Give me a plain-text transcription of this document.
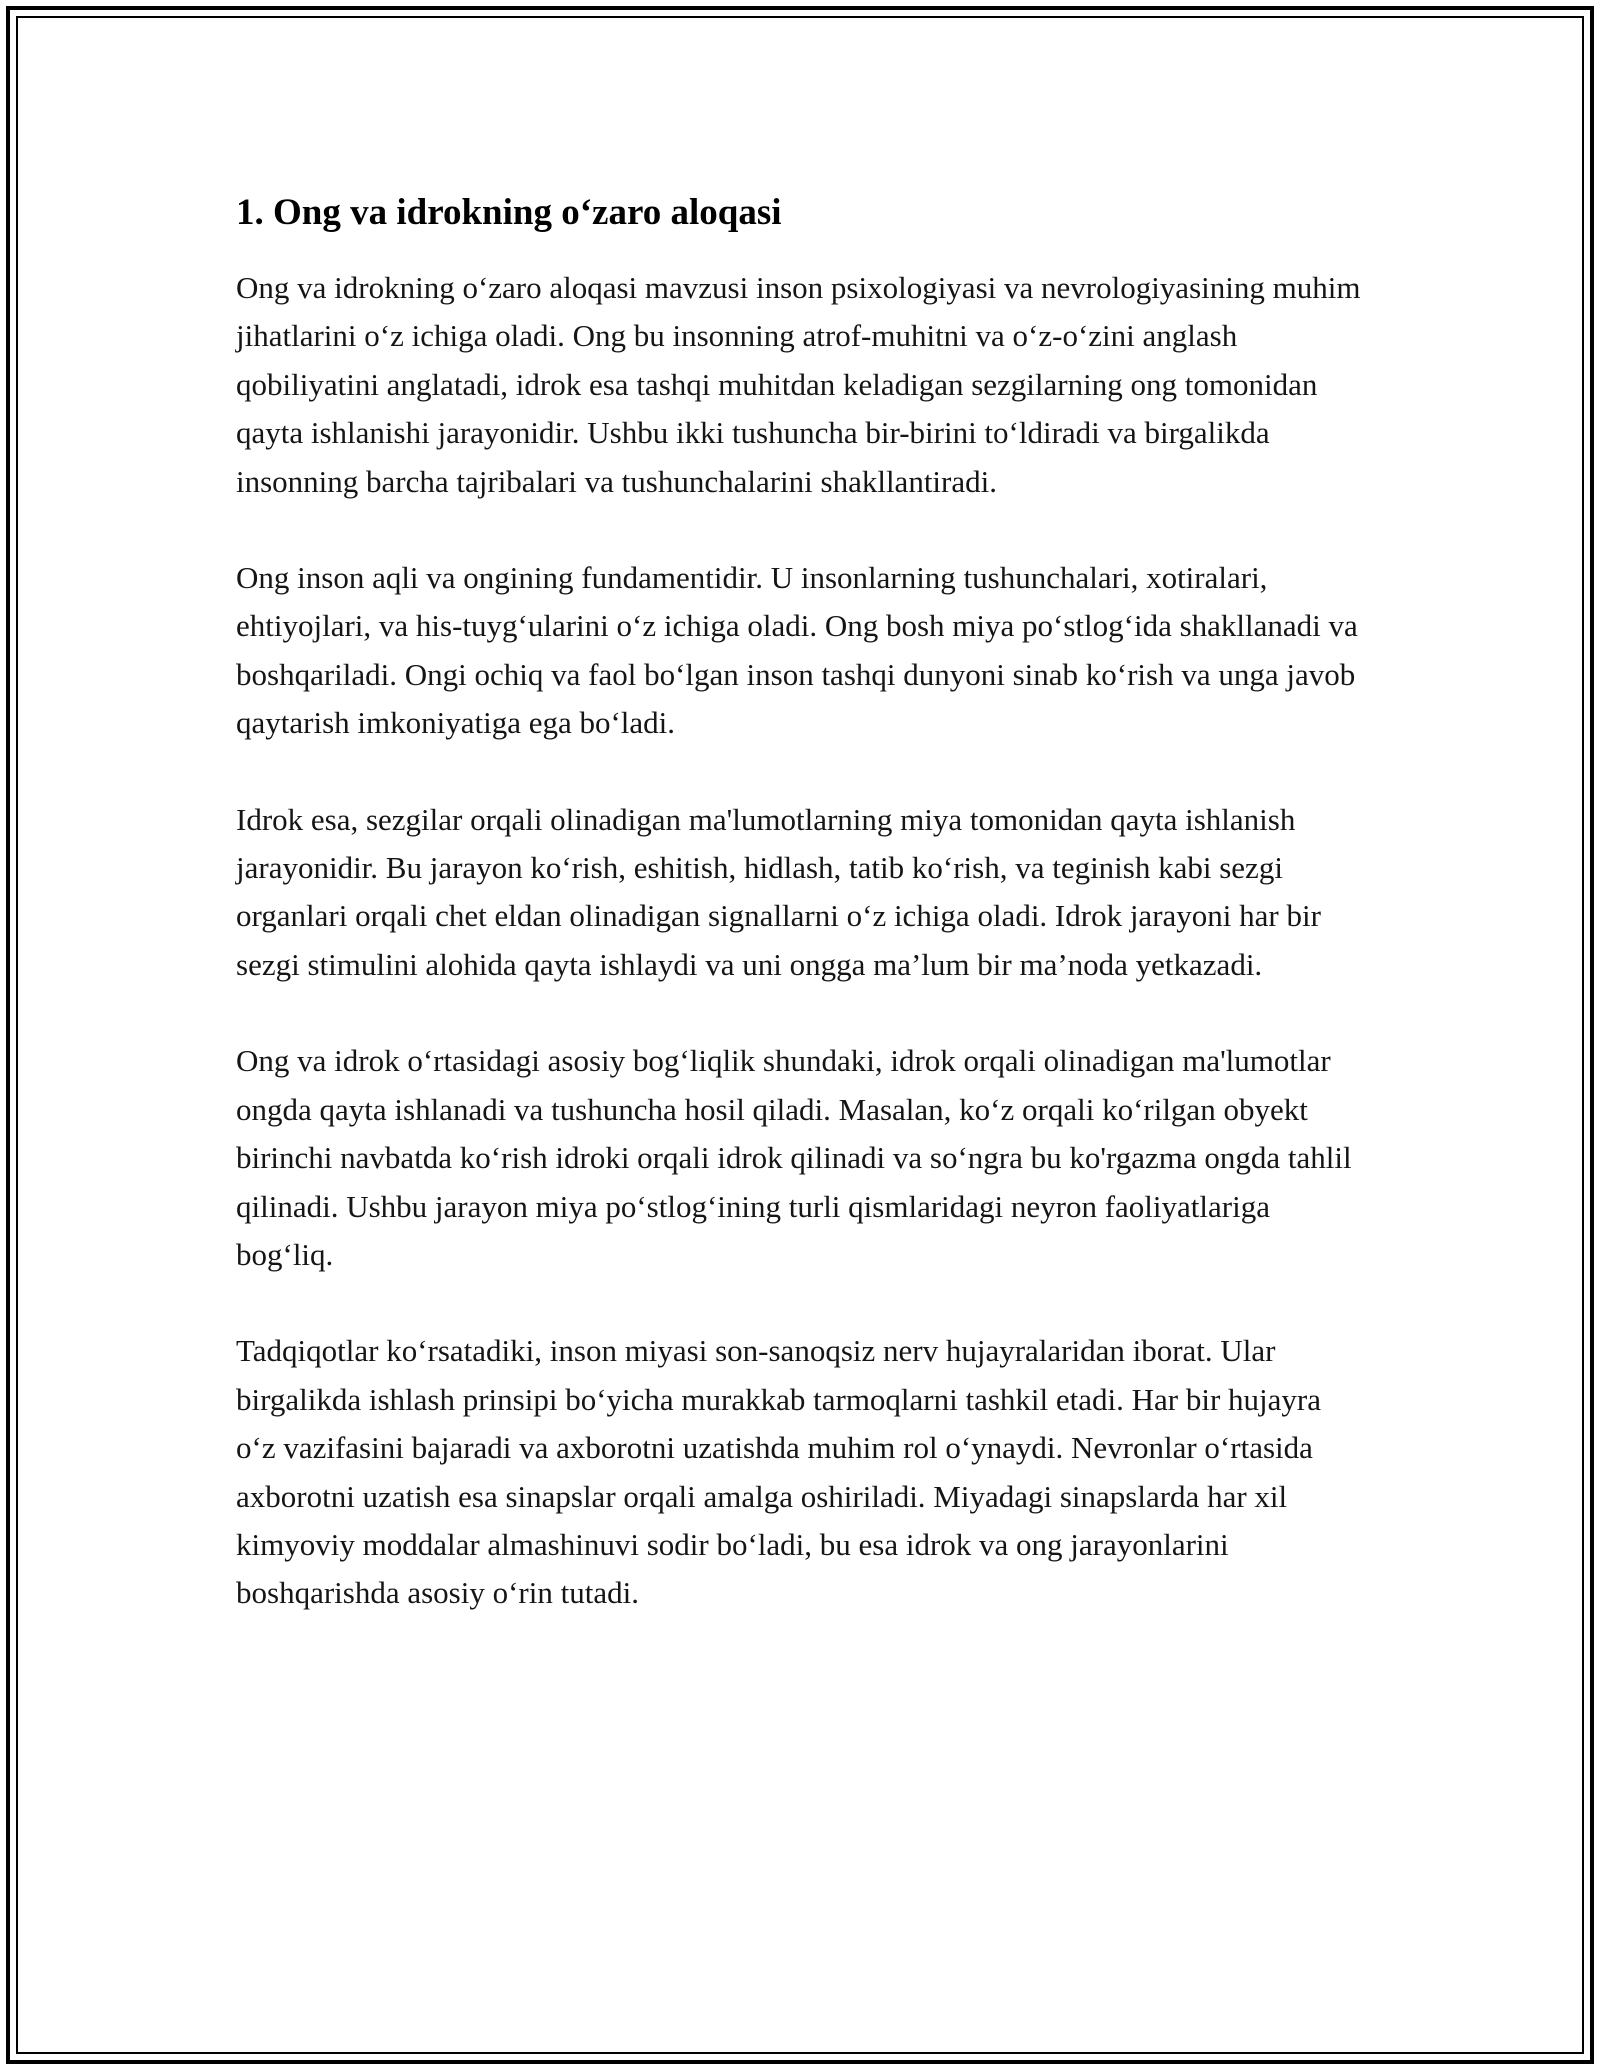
1. Ong va idrokning o‘zaro aloqasi

Ong va idrokning o‘zaro aloqasi mavzusi inson psixologiyasi va nevrologiyasining muhim jihatlarini o‘z ichiga oladi. Ong bu insonning atrof-muhitni va o‘z-o‘zini anglash qobiliyatini anglatadi, idrok esa tashqi muhitdan keladigan sezgilarning ong tomonidan qayta ishlanishi jarayonidir. Ushbu ikki tushuncha bir-birini to‘ldiradi va birgalikda insonning barcha tajribalari va tushunchalarini shakllantiradi.

Ong inson aqli va ongining fundamentidir. U insonlarning tushunchalari, xotiralari, ehtiyojlari, va his-tuyg‘ularini o‘z ichiga oladi. Ong bosh miya po‘stlog‘ida shakllanadi va boshqariladi. Ongi ochiq va faol bo‘lgan inson tashqi dunyoni sinab ko‘rish va unga javob qaytarish imkoniyatiga ega bo‘ladi.

Idrok esa, sezgilar orqali olinadigan ma'lumotlarning miya tomonidan qayta ishlanish jarayonidir. Bu jarayon ko‘rish, eshitish, hidlash, tatib ko‘rish, va teginish kabi sezgi organlari orqali chet eldan olinadigan signallarni o‘z ichiga oladi. Idrok jarayoni har bir sezgi stimulini alohida qayta ishlaydi va uni ongga ma’lum bir ma’noda yetkazadi.

Ong va idrok o‘rtasidagi asosiy bog‘liqlik shundaki, idrok orqali olinadigan ma'lumotlar ongda qayta ishlanadi va tushuncha hosil qiladi. Masalan, ko‘z orqali ko‘rilgan obyekt birinchi navbatda ko‘rish idroki orqali idrok qilinadi va so‘ngra bu ko'rgazma ongda tahlil qilinadi. Ushbu jarayon miya po‘stlog‘ining turli qismlaridagi neyron faoliyatlariga bog‘liq.

Tadqiqotlar ko‘rsatadiki, inson miyasi son-sanoqsiz nerv hujayralaridan iborat. Ular birgalikda ishlash prinsipi bo‘yicha murakkab tarmoqlarni tashkil etadi. Har bir hujayra o‘z vazifasini bajaradi va axborotni uzatishda muhim rol o‘ynaydi. Nevronlar o‘rtasida axborotni uzatish esa sinapslar orqali amalga oshiriladi. Miyadagi sinapslarda har xil kimyoviy moddalar almashinuvi sodir bo‘ladi, bu esa idrok va ong jarayonlarini boshqarishda asosiy o‘rin tutadi.
